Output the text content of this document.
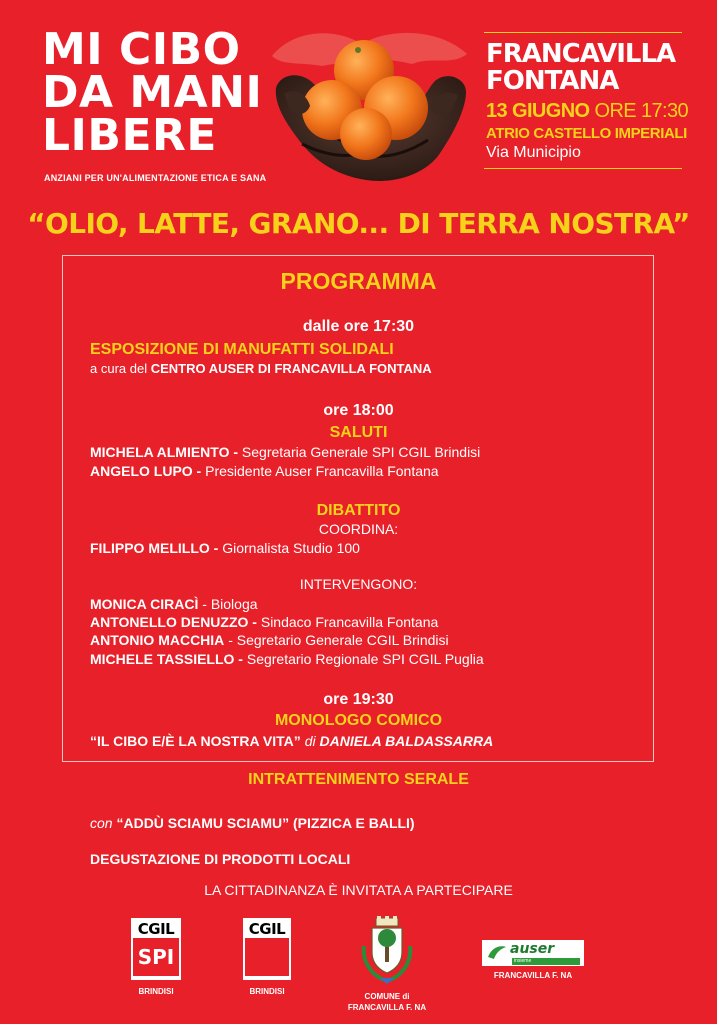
MI CIBO
DA MANI
LIBERE
ANZIANI PER UN'ALIMENTAZIONE ETICA E SANA
FRANCAVILLA
FONTANA
13 GIUGNO ORE 17:30
ATRIO CASTELLO IMPERIALI
Via Municipio
“OLIO, LATTE, GRANO... DI TERRA NOSTRA”
PROGRAMMA
dalle ore 17:30
ESPOSIZIONE DI MANUFATTI SOLIDALI
a cura del CENTRO AUSER DI FRANCAVILLA FONTANA
ore 18:00
SALUTI
MICHELA ALMIENTO - Segretaria Generale SPI CGIL Brindisi
ANGELO LUPO - Presidente Auser Francavilla Fontana
DIBATTITO
COORDINA:
FILIPPO MELILLO - Giornalista Studio 100
INTERVENGONO:
MONICA CIRACÌ - Biologa
ANTONELLO DENUZZO - Sindaco Francavilla Fontana
ANTONIO MACCHIA - Segretario Generale CGIL Brindisi
MICHELE TASSIELLO - Segretario Regionale SPI CGIL Puglia
ore 19:30
MONOLOGO COMICO
“IL CIBO E/È LA NOSTRA VITA” di DANIELA BALDASSARRA
INTRATTENIMENTO SERALE
con “ADDÙ SCIAMU SCIAMU” (PIZZICA E BALLI)
DEGUSTAZIONE DI PRODOTTI LOCALI
LA CITTADINANZA È INVITATA A PARTECIPARE
CGIL
SPI
BRINDISI
CGIL
BRINDISI
COMUNE di
FRANCAVILLA F. NA
auser
insieme
FRANCAVILLA F. NA
